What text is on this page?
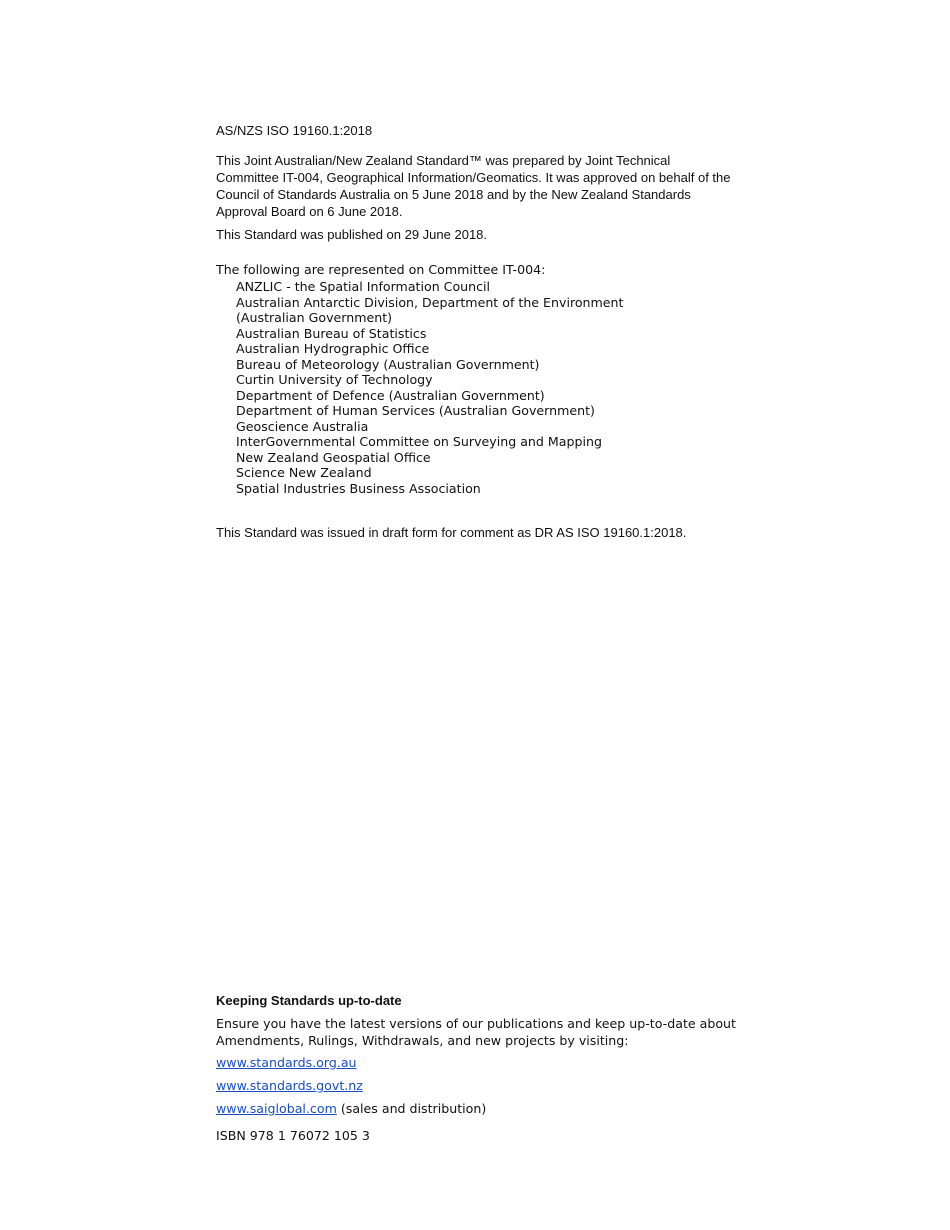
AS/NZS ISO 19160.1:2018

This Joint Australian/New Zealand Standard™ was prepared by Joint Technical Committee IT-004, Geographical Information/Geomatics. It was approved on behalf of the Council of Standards Australia on 5 June 2018 and by the New Zealand Standards Approval Board on 6 June 2018.

This Standard was published on 29 June 2018.

The following are represented on Committee IT-004:

ANZLIC - the Spatial Information Council
Australian Antarctic Division, Department of the Environment
(Australian Government)
Australian Bureau of Statistics
Australian Hydrographic Office
Bureau of Meteorology (Australian Government)
Curtin University of Technology
Department of Defence (Australian Government)
Department of Human Services (Australian Government)
Geoscience Australia
InterGovernmental Committee on Surveying and Mapping
New Zealand Geospatial Office
Science New Zealand
Spatial Industries Business Association

This Standard was issued in draft form for comment as DR AS ISO 19160.1:2018.

Keeping Standards up-to-date

Ensure you have the latest versions of our publications and keep up-to-date about Amendments, Rulings, Withdrawals, and new projects by visiting:

www.standards.org.au

www.standards.govt.nz

www.saiglobal.com (sales and distribution)

ISBN 978 1 76072 105 3
